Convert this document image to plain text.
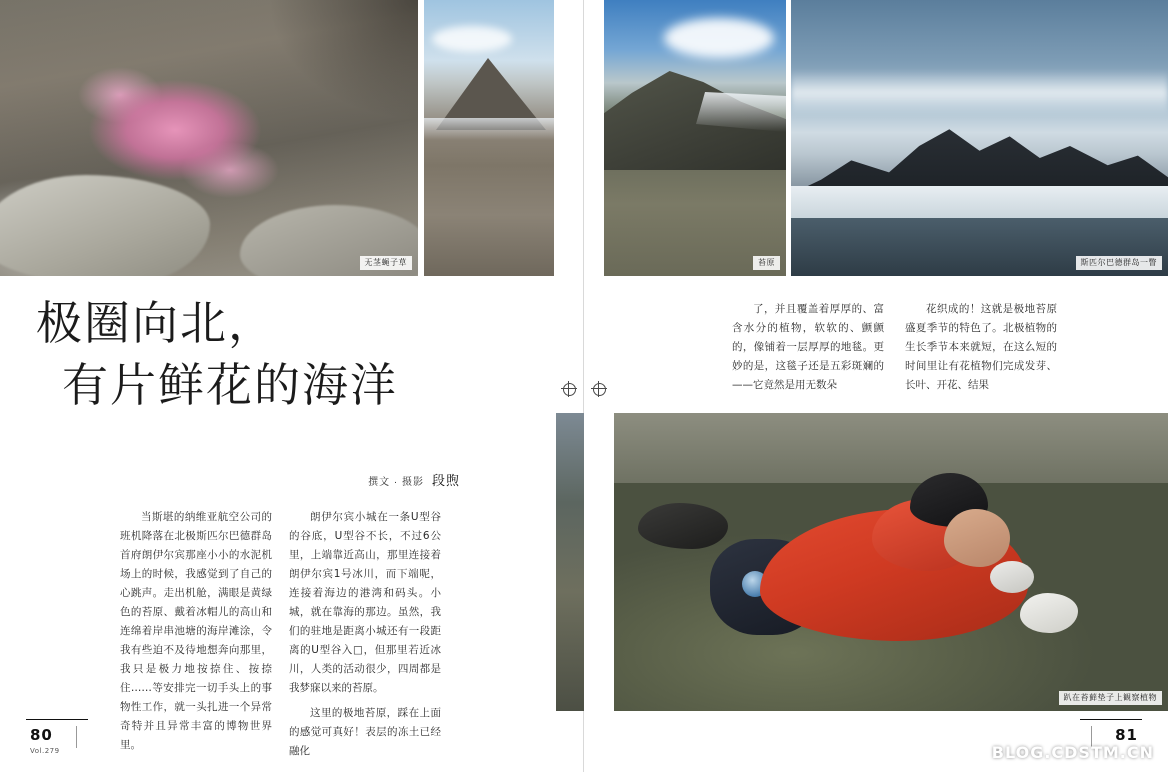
无茎蝇子草	苔原	斯匹尔巴德群岛一瞥
极圈向北，
有片鲜花的海洋
撰文 · 摄影 段煦

当斯堪的纳维亚航空公司的班机降落在北极斯匹尔巴德群岛首府朗伊尔宾那座小小的水泥机场上的时候，我感觉到了自己的心跳声。走出机舱，满眼是黄绿色的苔原、戴着冰帽儿的高山和连绵着岸串池塘的海岸滩涂，令我有些迫不及待地想奔向那里，我只是极力地按捺住、按捺住……等安排完一切手头上的事物性工作，就一头扎进一个异常奇特并且异常丰富的博物世界里。

朗伊尔宾小城在一条U型谷的谷底，U型谷不长，不过6公里，上端靠近高山，那里连接着朗伊尔宾1号冰川，而下端呢，连接着海边的港湾和码头。小城，就在靠海的那边。虽然，我们的驻地是距离小城还有一段距离的U型谷入□，但那里若近冰川，人类的活动很少，四周都是我梦寐以来的苔原。

这里的极地苔原，踩在上面的感觉可真好！表层的冻土已经融化

80
Vol.279

了，并且覆盖着厚厚的、富含水分的植物，软软的、颤颤的，像铺着一层厚厚的地毯。更妙的是，这毯子还是五彩斑斓的——它竟然是用无数朵

花织成的！这就是极地苔原盛夏季节的特色了。北极植物的生长季节本来就短，在这么短的时间里让有花植物们完成发芽、长叶、开花、结果

趴在苔藓垫子上観察植物
81
BLOG.CDSTM.CN
